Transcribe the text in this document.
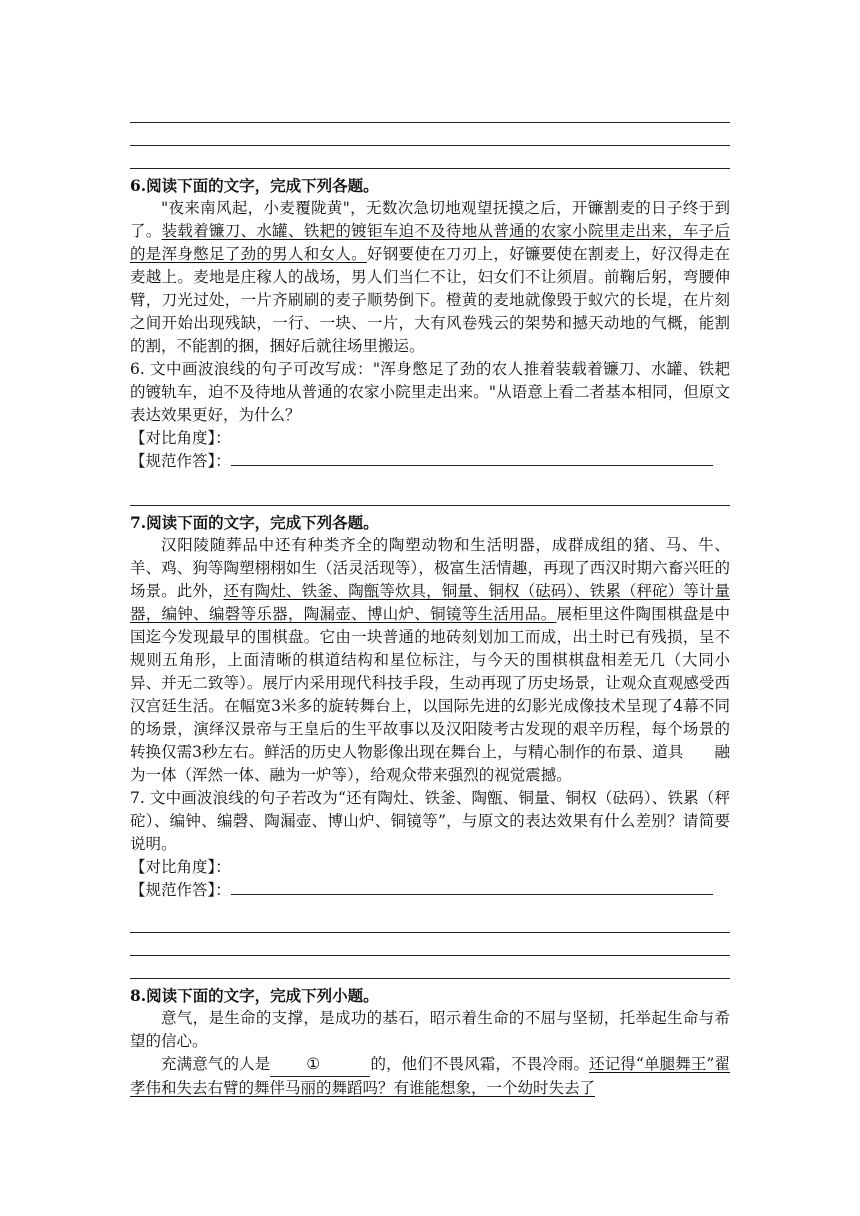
6.阅读下面的文字，完成下列各题。

"夜来南风起，小麦覆陇黄"，无数次急切地观望抚摸之后，开镰割麦的日子终于到了。装载着镰刀、水罐、铁耙的镀钜车迫不及待地从普通的农家小院里走出来，车子后的是浑身憋足了劲的男人和女人。好钢要使在刀刃上，好镰要使在割麦上，好汉得走在麦越上。麦地是庄稼人的战场，男人们当仁不让，妇女们不让须眉。前鞠后躬，弯腰伸臂，刀光过处，一片齐刷刷的麦子顺势倒下。橙黄的麦地就像毁于蚁穴的长堤，在片刻之间开始出现残缺，一行、一块、一片，大有风卷残云的架势和撼天动地的气概，能割的割，不能割的捆，捆好后就往场里搬运。

6. 文中画波浪线的句子可改写成："浑身憋足了劲的农人推着装载着镰刀、水罐、铁耙的镀轨车，迫不及待地从普通的农家小院里走出来。"从语意上看二者基本相同，但原文表达效果更好，为什么？

【对比角度】：
【规范作答】：
7.阅读下面的文字，完成下列各题。

汉阳陵随葬品中还有种类齐全的陶塑动物和生活明器，成群成组的猪、马、牛、羊、鸡、狗等陶塑栩栩如生（活灵活现等），极富生活情趣，再现了西汉时期六畜兴旺的场景。此外，还有陶灶、铁釜、陶甑等炊具，铜量、铜权（砝码）、铁累（秤砣）等计量器，编钟、编磬等乐器，陶漏壶、博山炉、铜镜等生活用品。展柜里这件陶围棋盘是中国迄今发现最早的围棋盘。它由一块普通的地砖刻划加工而成，出土时已有残损，呈不规则五角形，上面清晰的棋道结构和星位标注，与今天的围棋棋盘相差无几（大同小异、并无二致等）。展厅内采用现代科技手段，生动再现了历史场景，让观众直观感受西汉宫廷生活。在幅宽3米多的旋转舞台上，以国际先进的幻影光成像技术呈现了4幕不同的场景，演绎汉景帝与王皇后的生平故事以及汉阳陵考古发现的艰辛历程，每个场景的转换仅需3秒左右。鲜活的历史人物影像出现在舞台上，与精心制作的布景、道具　　融为一体（浑然一体、融为一炉等），给观众带来强烈的视觉震撼。

7. 文中画波浪线的句子若改为“还有陶灶、铁釜、陶甑、铜量、铜权（砝码）、铁累（秤砣）、编钟、编磬、陶漏壶、博山炉、铜镜等”，与原文的表达效果有什么差别？请简要说明。

【对比角度】：
【规范作答】：
8.阅读下面的文字，完成下列小题。

意气，是生命的支撑，是成功的基石，昭示着生命的不屈与坚韧，托举起生命与希望的信心。

充满意气的人是 ①	的，他们不畏风霜，不畏冷雨。还记得“单腿舞王”翟孝伟和失去右臂的舞伴马丽的舞蹈吗？有谁能想象，一个幼时失去了
